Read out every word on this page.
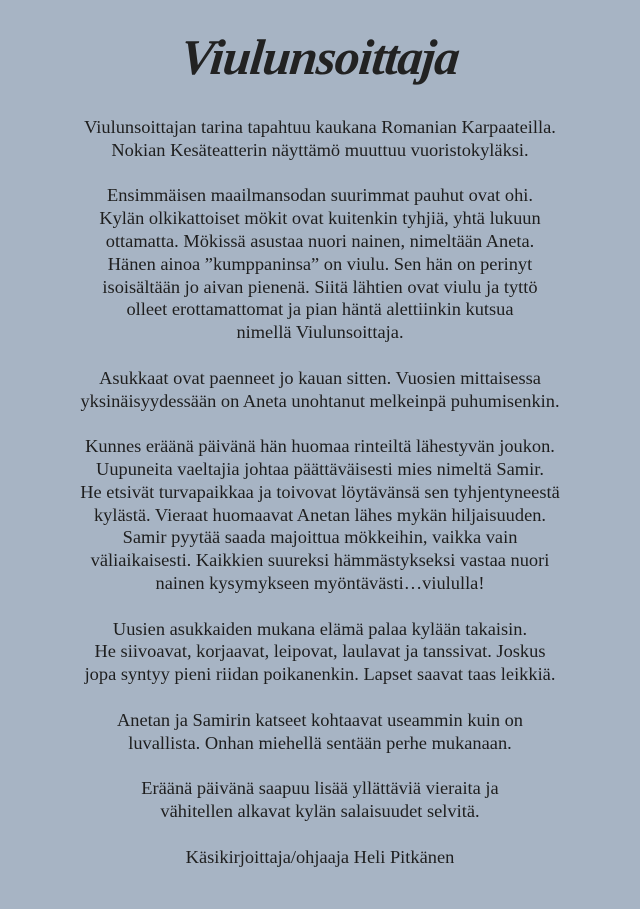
Viulunsoittaja

Viulunsoittajan tarina tapahtuu kaukana Romanian Karpaateilla.
Nokian Kesäteatterin näyttämö muuttuu vuoristokyläksi.

Ensimmäisen maailmansodan suurimmat pauhut ovat ohi.
Kylän olkikattoiset mökit ovat kuitenkin tyhjiä, yhtä lukuun
ottamatta. Mökissä asustaa nuori nainen, nimeltään Aneta.
Hänen ainoa ”kumppaninsa” on viulu. Sen hän on perinyt
isoisältään jo aivan pienenä. Siitä lähtien ovat viulu ja tyttö
olleet erottamattomat ja pian häntä alettiinkin kutsua
nimellä Viulunsoittaja.

Asukkaat ovat paenneet jo kauan sitten. Vuosien mittaisessa
yksinäisyydessään on Aneta unohtanut melkeinpä puhumisenkin.

Kunnes eräänä päivänä hän huomaa rinteiltä lähestyvän joukon.
Uupuneita vaeltajia johtaa päättäväisesti mies nimeltä Samir.
He etsivät turvapaikkaa ja toivovat löytävänsä sen tyhjentyneestä
kylästä. Vieraat huomaavat Anetan lähes mykän hiljaisuuden.
Samir pyytää saada majoittua mökkeihin, vaikka vain
väliaikaisesti. Kaikkien suureksi hämmästykseksi vastaa nuori
nainen kysymykseen myöntävästi…viululla!

Uusien asukkaiden mukana elämä palaa kylään takaisin.
He siivoavat, korjaavat, leipovat, laulavat ja tanssivat. Joskus
jopa syntyy pieni riidan poikanenkin. Lapset saavat taas leikkiä.

Anetan ja Samirin katseet kohtaavat useammin kuin on
luvallista. Onhan miehellä sentään perhe mukanaan.

Eräänä päivänä saapuu lisää yllättäviä vieraita ja
vähitellen alkavat kylän salaisuudet selvitä.

Käsikirjoittaja/ohjaaja Heli Pitkänen
